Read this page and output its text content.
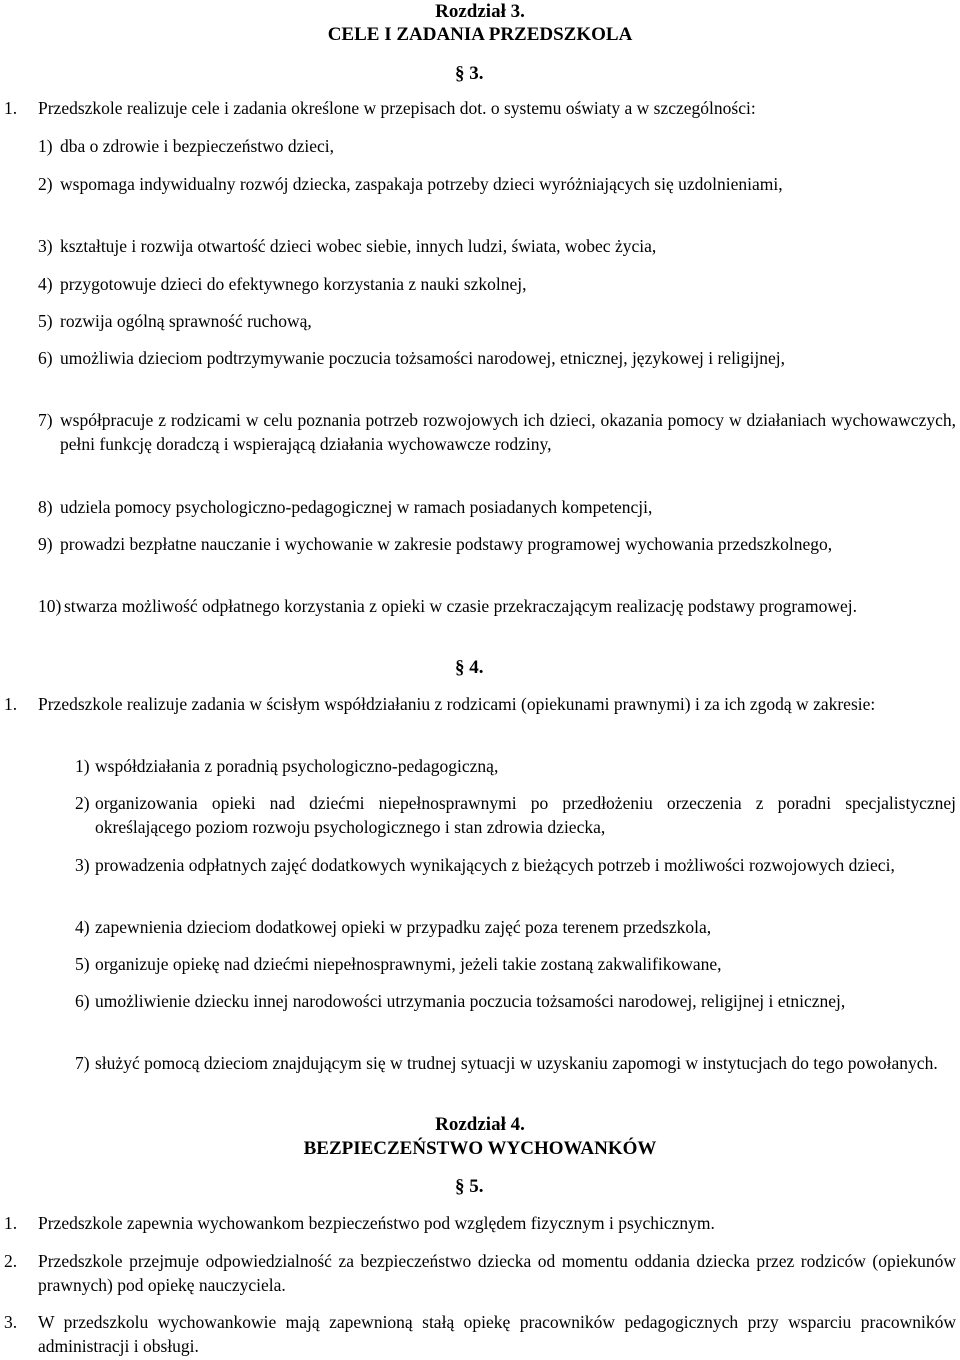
Rozdział 3.
CELE I ZADANIA PRZEDSZKOLA
§ 3.
1. Przedszkole realizuje cele i zadania określone w przepisach dot. o systemu oświaty a w szczególności:
1) dba o zdrowie i bezpieczeństwo dzieci,
2) wspomaga indywidualny rozwój dziecka, zaspakaja potrzeby dzieci wyróżniających się uzdolnieniami,
3) kształtuje i rozwija otwartość dzieci wobec siebie, innych ludzi, świata, wobec życia,
4) przygotowuje dzieci do efektywnego korzystania z nauki szkolnej,
5) rozwija ogólną sprawność ruchową,
6) umożliwia dzieciom podtrzymywanie poczucia tożsamości narodowej, etnicznej, językowej i religijnej,
7) współpracuje z rodzicami w celu poznania potrzeb rozwojowych ich dzieci, okazania pomocy w działaniach wychowawczych, pełni funkcję doradczą i wspierającą działania wychowawcze rodziny,
8) udziela pomocy psychologiczno-pedagogicznej w ramach posiadanych kompetencji,
9) prowadzi bezpłatne nauczanie i wychowanie w zakresie podstawy programowej wychowania przedszkolnego,
10) stwarza możliwość odpłatnego korzystania z opieki w czasie przekraczającym realizację podstawy programowej.
§ 4.
1. Przedszkole realizuje zadania w ścisłym współdziałaniu z rodzicami (opiekunami prawnymi) i za ich zgodą w zakresie:
1) współdziałania z poradnią psychologiczno-pedagogiczną,
2) organizowania opieki nad dziećmi niepełnosprawnymi po przedłożeniu orzeczenia z poradni specjalistycznej określającego poziom rozwoju psychologicznego i stan zdrowia dziecka,
3) prowadzenia odpłatnych zajęć dodatkowych wynikających z bieżących potrzeb i możliwości rozwojowych dzieci,
4) zapewnienia dzieciom dodatkowej opieki w przypadku zajęć poza terenem przedszkola,
5) organizuje opiekę nad dziećmi niepełnosprawnymi, jeżeli takie zostaną zakwalifikowane,
6) umożliwienie dziecku innej narodowości utrzymania poczucia tożsamości narodowej, religijnej i etnicznej,
7) służyć pomocą dzieciom znajdującym się w trudnej sytuacji w uzyskaniu zapomogi w instytucjach do tego powołanych.
Rozdział 4.
BEZPIECZEŃSTWO WYCHOWANKÓW
§ 5.
1. Przedszkole zapewnia wychowankom bezpieczeństwo pod względem fizycznym i psychicznym.
2. Przedszkole przejmuje odpowiedzialność za bezpieczeństwo dziecka od momentu oddania dziecka przez rodziców (opiekunów prawnych) pod opiekę nauczyciela.
3. W przedszkolu wychowankowie mają zapewnioną stałą opiekę pracowników pedagogicznych przy wsparciu pracowników administracji i obsługi.
